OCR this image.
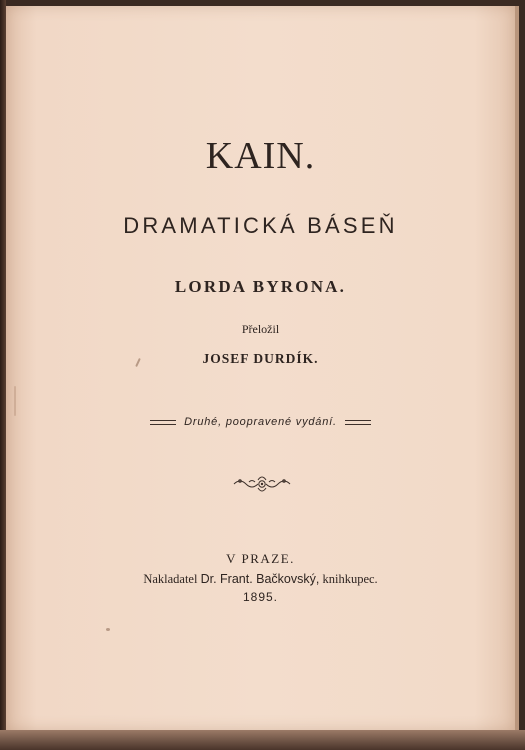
KAIN.
DRAMATICKÁ BÁSEŇ
LORDA BYRONA.
Přeložil
JOSEF DURDÍK.
Druhé, poopravené vydání.
V PRAZE.
Nakladatel Dr. Frant. Bačkovský, knihkupec.
1895.
